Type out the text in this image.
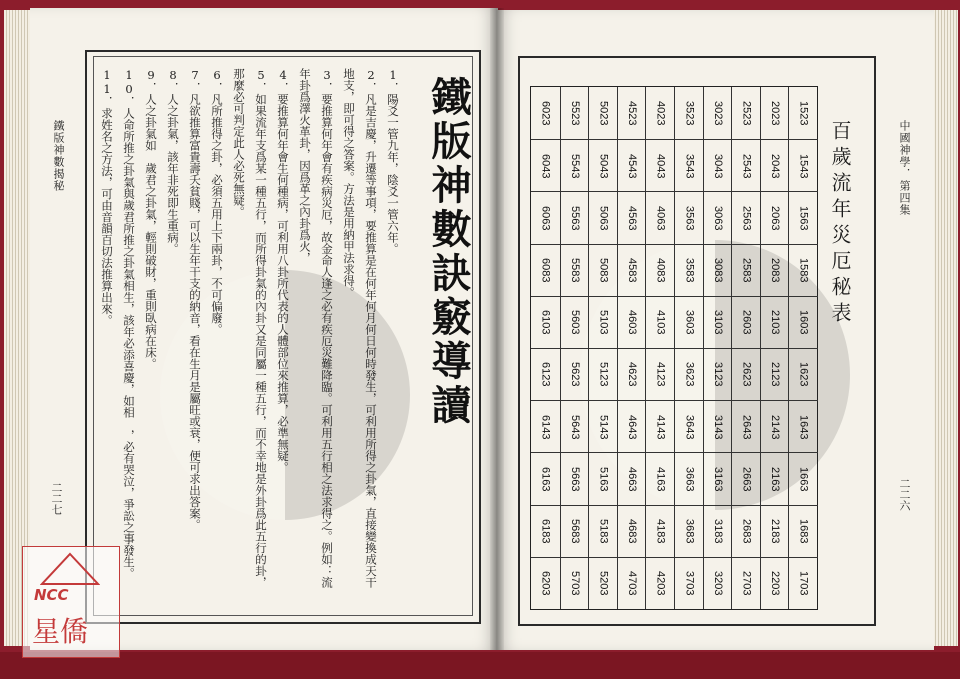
鐵版神數揭秘
二二七
鐵版神數訣竅導讀
1．陽爻一管九年，陰爻一管六年。
2．凡是吉慶，升遷等事項，要推算是在何年何月何日何時發生，可利用所得之卦氣，直接變換成天干地支，即可得之答案。方法是用納甲法求得。
3．要推算何年會有疾病災厄，故金命人逢之必有疾厄災難降臨。可利用五行相之法求得之。例如：流年卦爲澤火革卦，因爲革之內卦爲火，
4．要推算何年會生何種病，可利用八卦所代表的人體部位來推算，必準無疑。
5．如果流年支爲某一種五行，而所得卦氣的內卦又是同屬一種五行，而不幸地是外卦爲此五行的卦，那麼必可判定此人必死無疑。
6．凡所推得之卦，必須五用上下兩卦，不可偏廢。
7．凡欲推算富貴壽夭貧賤，可以生年干支的納音，看在生月是屬旺或衰，便可求出答案。
8．人之卦氣，該年非死即生重病。
9．人之卦氣如　歲君之卦氣，輕則破財，重則臥病在床。
10．人命所推之卦氣與歲君所推之卦氣相生，該年必添喜慶，如相　，必有哭泣，爭訟之事發生。
11．求姓名之方法，可由音韻百切法推算出來。	中國神學．第四集
二二六
百歲流年災厄秘表
1523
1543
1563
1583
1603
1623
1643
1663
1683
1703
2023
2043
2063
2083
2103
2123
2143
2163
2183
2203
2523
2543
2563
2583
2603
2623
2643
2663
2683
2703
3023
3043
3063
3083
3103
3123
3143
3163
3183
3203
3523
3543
3563
3583
3603
3623
3643
3663
3683
3703
4023
4043
4063
4083
4103
4123
4143
4163
4183
4203
4523
4543
4563
4583
4603
4623
4643
4663
4683
4703
5023
5043
5063
5083
5103
5123
5143
5163
5183
5203
5523
5543
5563
5583
5603
5623
5643
5663
5683
5703
6023
6043
6063
6083
6103
6123
6143
6163
6183
6203
NCC
星僑
